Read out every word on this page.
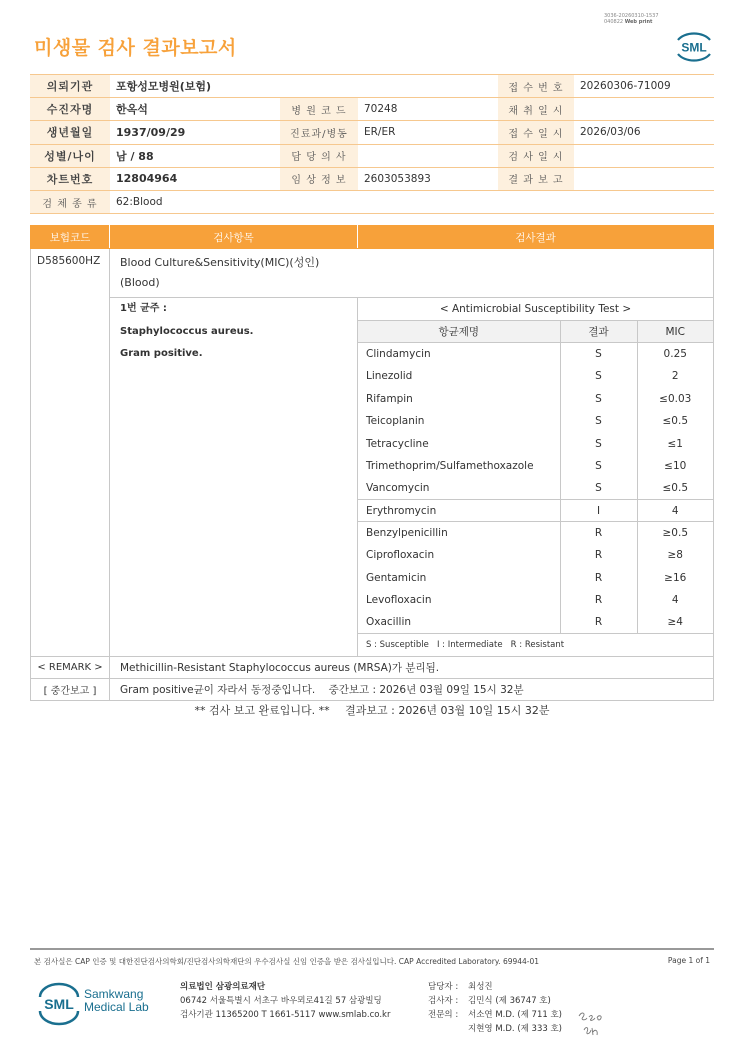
3036-20260310-1537
040822 Web print
미생물 검사 결과보고서	SML
의뢰기관	포항성모병원(보험)			접 수 번 호	20260306-71009
수진자명	한옥석	병 원 코 드	70248	채 취 일 시	
생년월일	1937/09/29	진료과/병동	ER/ER	접 수 일 시	2026/03/06
성별/나이	남 / 88	담 당 의 사		검 사 일 시	
차트번호	12804964	임 상 정 보	2603053893	결 과 보 고	
검 체 종 류	62:Blood				
보험코드	검사항목	검사결과
D585600HZ	Blood Culture&Sensitivity(MIC)(성인)
(Blood)

1번 균주 :
Staphylococcus aureus.
Gram positive.

< Antimicrobial Susceptibility Test >
항균제명	결과	MIC
Clindamycin	S	0.25
Linezolid	S	2
Rifampin	S	≤0.03
Teicoplanin	S	≤0.5
Tetracycline	S	≤1
Trimethoprim/Sulfamethoxazole	S	≤10
Vancomycin	S	≤0.5
Erythromycin	I	4
Benzylpenicillin	R	≥0.5
Ciprofloxacin	R	≥8
Gentamicin	R	≥16
Levofloxacin	R	4
Oxacillin	R	≥4
S : Susceptible   I : Intermediate   R : Resistant

< REMARK >	Methicillin-Resistant Staphylococcus aureus (MRSA)가 분리됨.
[ 중간보고 ]	Gram positive균이 자라서 동정중입니다.    중간보고 : 2026년 03월 09일 15시 32분
** 검사 보고 완료입니다. ** 결과보고 : 2026년 03월 10일 15시 32분
본 검사실은 CAP 인증 및 대한진단검사의학회/진단검사의학재단의 우수검사실 신임 인증을 받은 검사실입니다. CAP Accredited Laboratory. 69944-01	Page 1 of 1
SML
Samkwang
Medical Lab
의료법인 삼광의료재단
06742 서울특별시 서초구 바우뫼로41길 57 삼광빌딩
검사기관 11365200 T 1661-5117 www.smlab.co.kr
담당자 :	최성진
검사자 :	김민식 (제 36747 호)
전문의 :	서소연 M.D. (제 711 호)
지현영 M.D. (제 333 호)
